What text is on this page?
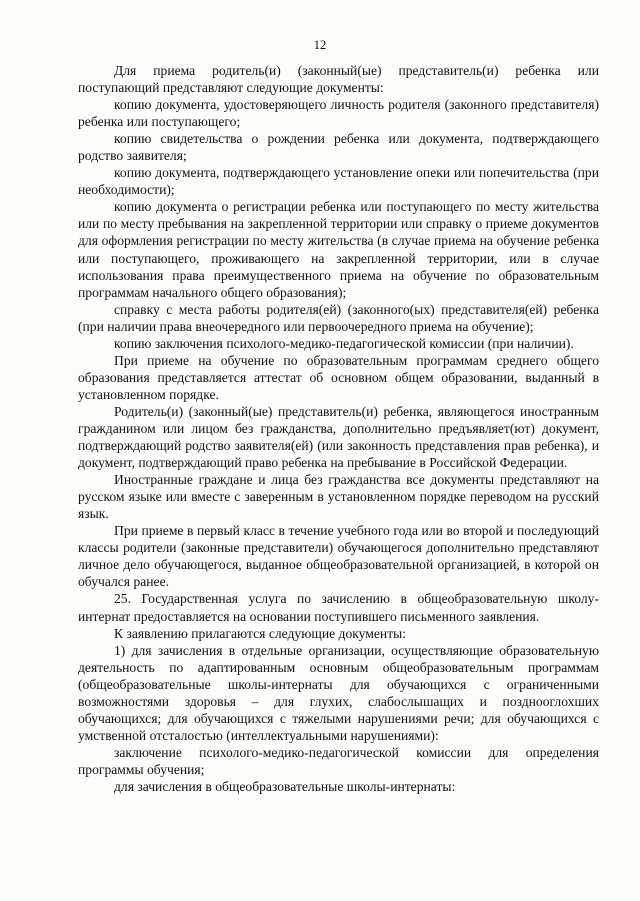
12

Для приема родитель(и) (законный(ые) представитель(и) ребенка или поступающий представляют следующие документы:

копию документа, удостоверяющего личность родителя (законного представителя) ребенка или поступающего;

копию свидетельства о рождении ребенка или документа, подтверждающего родство заявителя;

копию документа, подтверждающего установление опеки или попечительства (при необходимости);

копию документа о регистрации ребенка или поступающего по месту жительства или по месту пребывания на закрепленной территории или справку о приеме документов для оформления регистрации по месту жительства (в случае приема на обучение ребенка или поступающего, проживающего на закрепленной территории, или в случае использования права преимущественного приема на обучение по образовательным программам начального общего образования);

справку с места работы родителя(ей) (законного(ых) представителя(ей) ребенка (при наличии права внеочередного или первоочередного приема на обучение);

копию заключения психолого-медико-педагогической комиссии (при наличии).

При приеме на обучение по образовательным программам среднего общего образования представляется аттестат об основном общем образовании, выданный в установленном порядке.

Родитель(и) (законный(ые) представитель(и) ребенка, являющегося иностранным гражданином или лицом без гражданства, дополнительно предъявляет(ют) документ, подтверждающий родство заявителя(ей) (или законность представления прав ребенка), и документ, подтверждающий право ребенка на пребывание в Российской Федерации.

Иностранные граждане и лица без гражданства все документы представляют на русском языке или вместе с заверенным в установленном порядке переводом на русский язык.

При приеме в первый класс в течение учебного года или во второй и последующий классы родители (законные представители) обучающегося дополнительно представляют личное дело обучающегося, выданное общеобразовательной организацией, в которой он обучался ранее.

25. Государственная услуга по зачислению в общеобразовательную школу-интернат предоставляется на основании поступившего письменного заявления.

К заявлению прилагаются следующие документы:

1) для зачисления в отдельные организации, осуществляющие образовательную деятельность по адаптированным основным общеобразовательным программам (общеобразовательные школы-интернаты для обучающихся с ограниченными возможностями здоровья – для глухих, слабослышащих и позднооглохших обучающихся; для обучающихся с тяжелыми нарушениями речи; для обучающихся с умственной отсталостью (интеллектуальными нарушениями):

заключение психолого-медико-педагогической комиссии для определения программы обучения;

для зачисления в общеобразовательные школы-интернаты:
